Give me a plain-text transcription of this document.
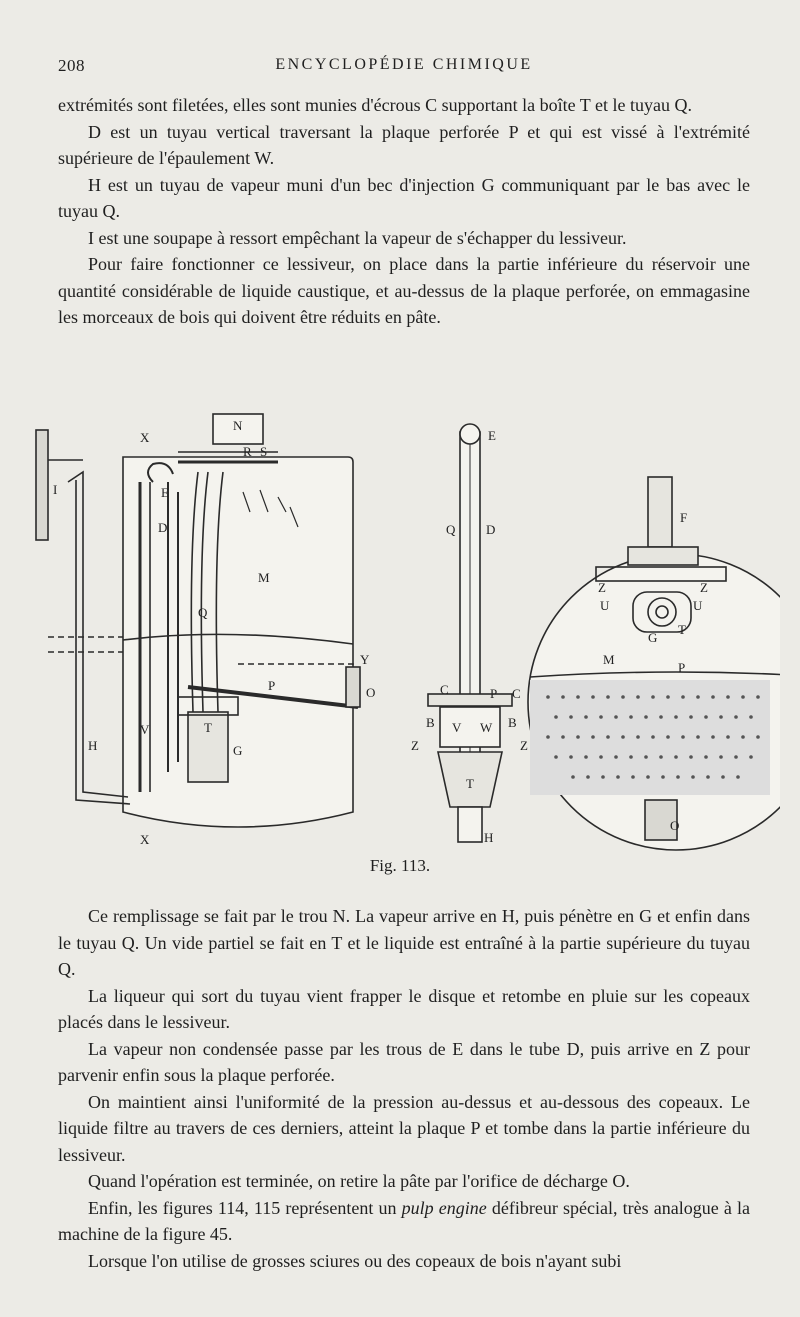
208	ENCYCLOPÉDIE CHIMIQUE

extrémités sont filetées, elles sont munies d'écrous C supportant la boîte T et le tuyau Q.

D est un tuyau vertical traversant la plaque perforée P et qui est vissé à l'extrémité supérieure de l'épaulement W.

H est un tuyau de vapeur muni d'un bec d'injection G communiquant par le bas avec le tuyau Q.

I est une soupape à ressort empêchant la vapeur de s'échapper du lessiveur.

Pour faire fonctionner ce lessiveur, on place dans la partie inférieure du réservoir une quantité considérable de liquide caustique, et au-dessus de la plaque perforée, on emmagasine les morceaux de bois qui doivent être réduits en pâte.

X
N
R S
E
D
M
Q
P
Y
O
I
V	T
H	G
X
E
Q D
C	P C
B V W B
Z	Z
T
H
F
Z	Z
U	U
G
T
M
P
O
Fig. 113.

Ce remplissage se fait par le trou N. La vapeur arrive en H, puis pénètre en G et enfin dans le tuyau Q. Un vide partiel se fait en T et le liquide est entraîné à la partie supérieure du tuyau Q.

La liqueur qui sort du tuyau vient frapper le disque et retombe en pluie sur les copeaux placés dans le lessiveur.

La vapeur non condensée passe par les trous de E dans le tube D, puis arrive en Z pour parvenir enfin sous la plaque perforée.

On maintient ainsi l'uniformité de la pression au-dessus et au-dessous des copeaux. Le liquide filtre au travers de ces derniers, atteint la plaque P et tombe dans la partie inférieure du lessiveur.

Quand l'opération est terminée, on retire la pâte par l'orifice de décharge O.

Enfin, les figures 114, 115 représentent un pulp engine défibreur spécial, très analogue à la machine de la figure 45.

Lorsque l'on utilise de grosses sciures ou des copeaux de bois n'ayant subi
